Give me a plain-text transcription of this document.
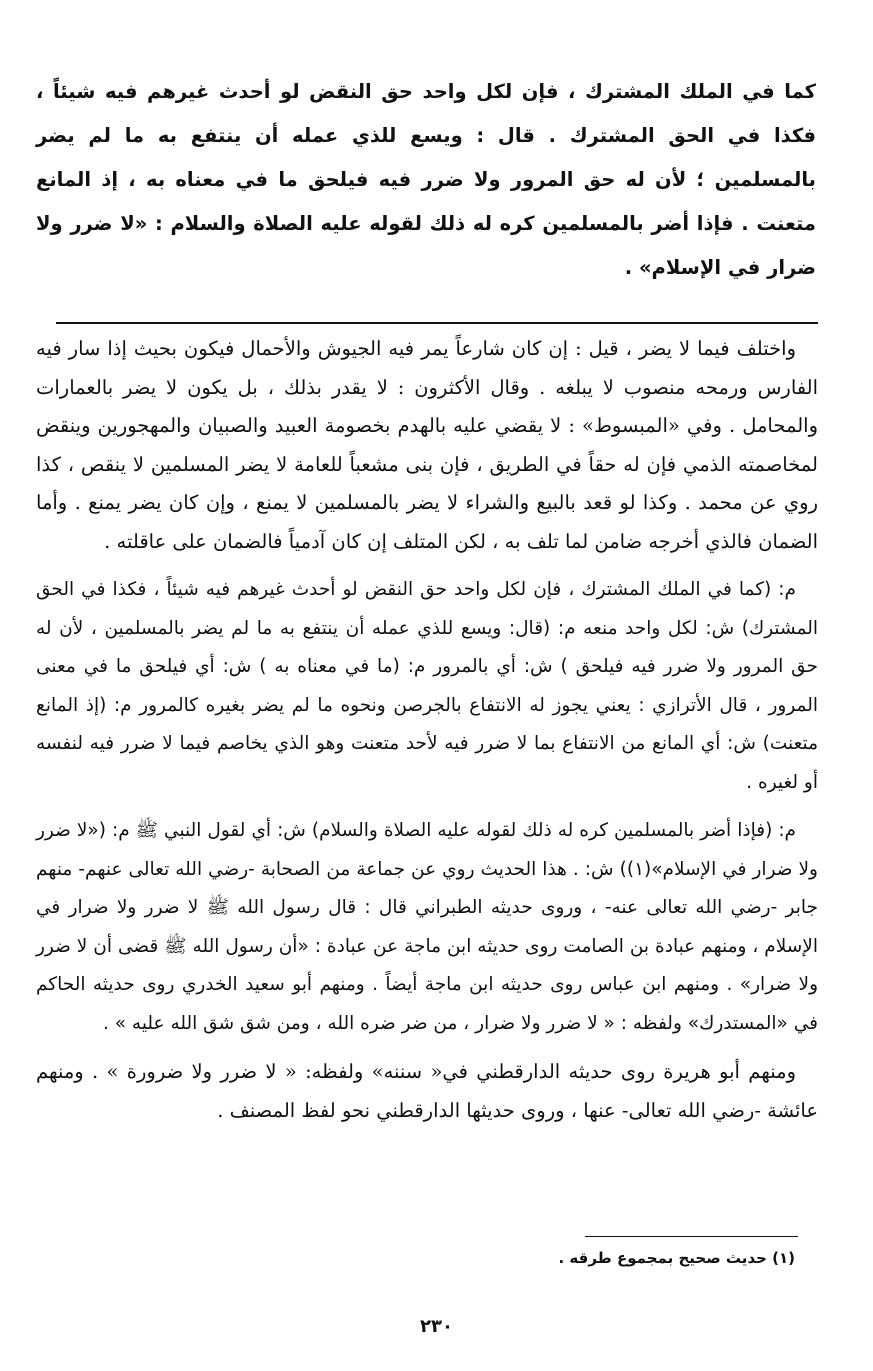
كما في الملك المشترك ، فإن لكل واحد حق النقض لو أحدث غيرهم فيه شيئاً ، فكذا في الحق المشترك . قال : ويسع للذي عمله أن ينتفع به ما لم يضر بالمسلمين ؛ لأن له حق المرور ولا ضرر فيه فيلحق ما في معناه به ، إذ المانع متعنت . فإذا أضر بالمسلمين كره له ذلك لقوله عليه الصلاة والسلام : «لا ضرر ولا ضرار في الإسلام» .

واختلف فيما لا يضر ، قيل : إن كان شارعاً يمر فيه الجيوش والأحمال فيكون بحيث إذا سار فيه الفارس ورمحه منصوب لا يبلغه . وقال الأكثرون : لا يقدر بذلك ، بل يكون لا يضر بالعمارات والمحامل . وفي «المبسوط» : لا يقضي عليه بالهدم بخصومة العبيد والصبيان والمهجورين وينقض لمخاصمته الذمي فإن له حقاً في الطريق ، فإن بنى مشعباً للعامة لا يضر المسلمين لا ينقص ، كذا روي عن محمد . وكذا لو قعد بالبيع والشراء لا يضر بالمسلمين لا يمنع ، وإن كان يضر يمنع . وأما الضمان فالذي أخرجه ضامن لما تلف به ، لكن المتلف إن كان آدمياً فالضمان على عاقلته .

م: (كما في الملك المشترك ، فإن لكل واحد حق النقض لو أحدث غيرهم فيه شيئاً ، فكذا في الحق المشترك) ش: لكل واحد منعه م: (قال: ويسع للذي عمله أن ينتفع به ما لم يضر بالمسلمين ، لأن له حق المرور ولا ضرر فيه فيلحق ) ش: أي بالمرور م: (ما في معناه به ) ش: أي فيلحق ما في معنى المرور ، قال الأترازي : يعني يجوز له الانتفاع بالجرصن ونحوه ما لم يضر بغيره كالمرور م: (إذ المانع متعنت) ش: أي المانع من الانتفاع بما لا ضرر فيه لأحد متعنت وهو الذي يخاصم فيما لا ضرر فيه لنفسه أو لغيره .

م: (فإذا أضر بالمسلمين كره له ذلك لقوله عليه الصلاة والسلام) ش: أي لقول النبي ﷺ م: («لا ضرر ولا ضرار في الإسلام»(١)) ش: . هذا الحديث روي عن جماعة من الصحابة -رضي الله تعالى عنهم- منهم جابر -رضي الله تعالى عنه- ، وروى حديثه الطبراني قال : قال رسول الله ﷺ لا ضرر ولا ضرار في الإسلام ، ومنهم عبادة بن الصامت روى حديثه ابن ماجة عن عبادة : «أن رسول الله ﷺ قضى أن لا ضرر ولا ضرار» . ومنهم ابن عباس روى حديثه ابن ماجة أيضاً . ومنهم أبو سعيد الخدري روى حديثه الحاكم في «المستدرك» ولفظه : « لا ضرر ولا ضرار ، من ضر ضره الله ، ومن شق شق الله عليه » .

ومنهم أبو هريرة روى حديثه الدارقطني في« سننه» ولفظه: « لا ضرر ولا ضرورة » . ومنهم عائشة -رضي الله تعالى- عنها ، وروى حديثها الدارقطني نحو لفظ المصنف .

(١) حديث صحيح بمجموع طرقه .
٢٣٠
